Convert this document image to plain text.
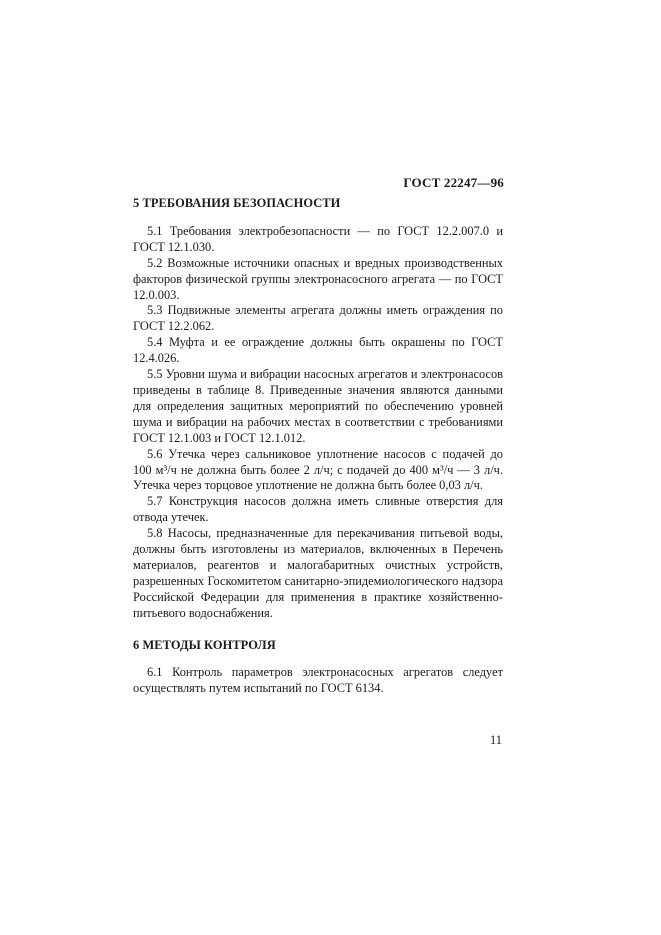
ГОСТ 22247—96
5 ТРЕБОВАНИЯ БЕЗОПАСНОСТИ

5.1 Требования электробезопасности — по ГОСТ 12.2.007.0 и ГОСТ 12.1.030.

5.2 Возможные источники опасных и вредных производственных факторов физической группы электронасосного агрегата — по ГОСТ 12.0.003.

5.3 Подвижные элементы агрегата должны иметь ограждения по ГОСТ 12.2.062.

5.4 Муфта и ее ограждение должны быть окрашены по ГОСТ 12.4.026.

5.5 Уровни шума и вибрации насосных агрегатов и электронасосов приведены в таблице 8. Приведенные значения являются данными для определения защитных мероприятий по обеспечению уровней шума и вибрации на рабочих местах в соответствии с требованиями ГОСТ 12.1.003 и ГОСТ 12.1.012.

5.6 Утечка через сальниковое уплотнение насосов с подачей до 100 м³/ч не должна быть более 2 л/ч; с подачей до 400 м³/ч — 3 л/ч. Утечка через торцовое уплотнение не должна быть более 0,03 л/ч.

5.7 Конструкция насосов должна иметь сливные отверстия для отвода утечек.

5.8 Насосы, предназначенные для перекачивания питьевой воды, должны быть изготовлены из материалов, включенных в Перечень материалов, реагентов и малогабаритных очистных устройств, разрешенных Госкомитетом санитарно-эпидемиологического надзора Российской Федерации для применения в практике хозяйственно-питьевого водоснабжения.

6 МЕТОДЫ КОНТРОЛЯ

6.1 Контроль параметров электронасосных агрегатов следует осуществлять путем испытаний по ГОСТ 6134.

11
